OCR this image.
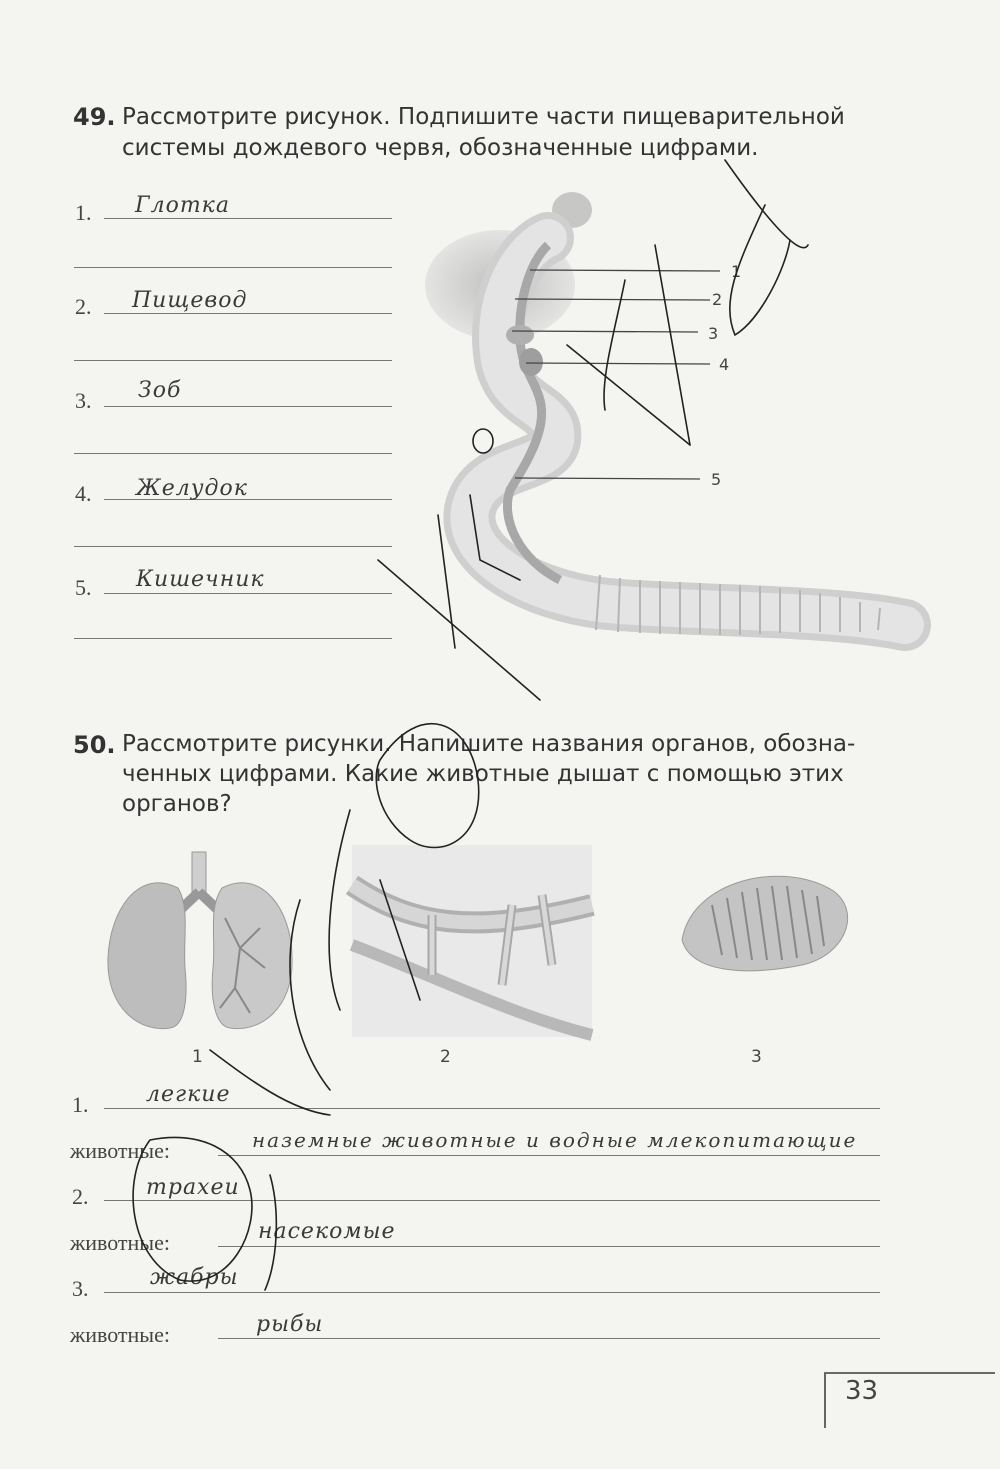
49. Рассмотрите рисунок. Подпишите части пищеварительной
системы дождевого червя, обозначенные цифрами.
1. Глотка
2. Пищевод
3. Зоб
4. Желудок
5. Кишечник
1
2
3
4
5
50. Рассмотрите рисунки. Напишите названия органов, обозна-
ченных цифрами. Какие животные дышат с помощью этих
органов?
1	2	3
1.	легкие
животные:	наземные животные и водные млекопитающие
2.	трахеи
животные:	насекомые
3.	жабры
животные:	рыбы
33
